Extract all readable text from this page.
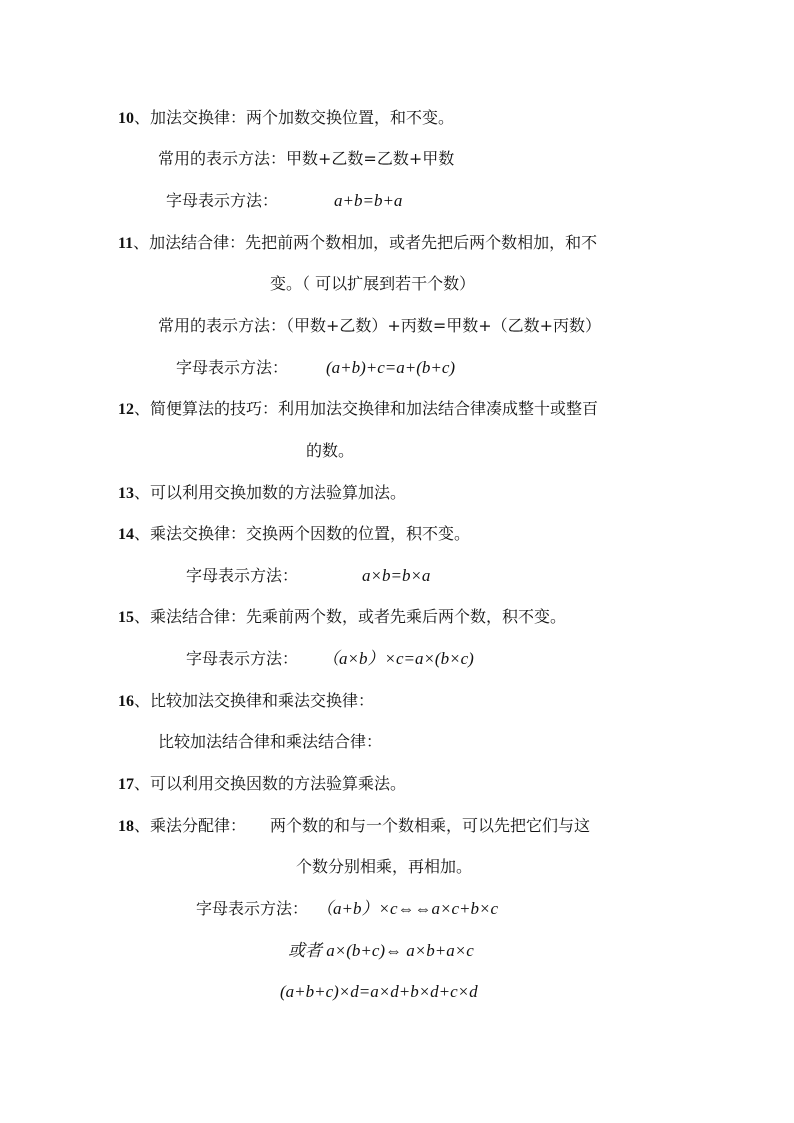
10、加法交换律：两个加数交换位置，和不变。
常用的表示方法：甲数+乙数=乙数+甲数
字母表示方法：	a+b=b+a
11、加法结合律：先把前两个数相加，或者先把后两个数相加，和不
变。（ 可以扩展到若干个数）
常用的表示方法：（甲数+乙数）+丙数=甲数+（乙数+丙数）
字母表示方法： (a+b)+c=a+(b+c)
12、简便算法的技巧：利用加法交换律和加法结合律凑成整十或整百
的数。
13、可以利用交换加数的方法验算加法。
14、乘法交换律：交换两个因数的位置，积不变。
字母表示方法：	a×b=b×a
15、乘法结合律：先乘前两个数，或者先乘后两个数，积不变。
字母表示方法： （a×b）×c=a×(b×c)
16、比较加法交换律和乘法交换律：
比较加法结合律和乘法结合律：
17、可以利用交换因数的方法验算乘法。
18、乘法分配律：　　两个数的和与一个数相乘，可以先把它们与这
个数分别相乘，再相加。
字母表示方法： （a+b）×c⇔⇔a×c+b×c
或者 a×(b+c)⇔ a×b+a×c
(a+b+c)×d=a×d+b×d+c×d
